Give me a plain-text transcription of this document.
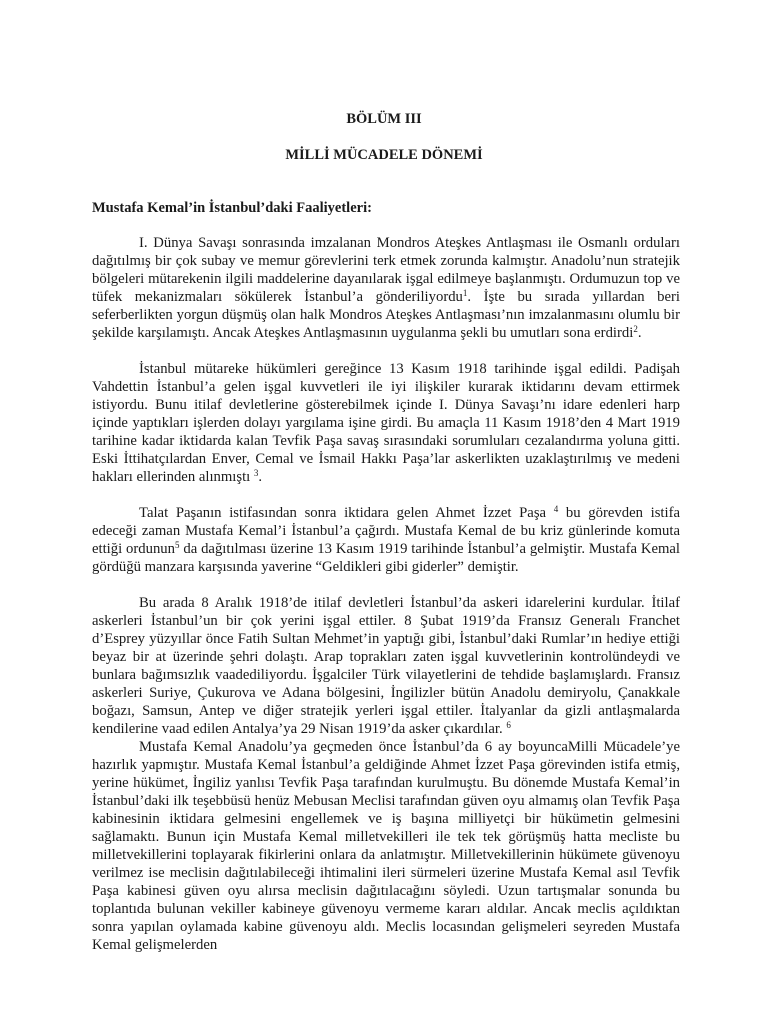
BÖLÜM III
MİLLİ MÜCADELE DÖNEMİ
Mustafa Kemal’in İstanbul’daki Faaliyetleri:

I. Dünya Savaşı sonrasında imzalanan Mondros Ateşkes Antlaşması ile Osmanlı orduları dağıtılmış bir çok subay ve memur görevlerini terk etmek zorunda kalmıştır. Anadolu’nun stratejik bölgeleri mütarekenin ilgili maddelerine dayanılarak işgal edilmeye başlanmıştı. Ordumuzun top ve tüfek mekanizmaları sökülerek İstanbul’a gönderiliyordu$^1$. İşte bu sırada yıllardan beri seferberlikten yorgun düşmüş olan halk Mondros Ateşkes Antlaşması’nın imzalanmasını olumlu bir şekilde karşılamıştı. Ancak Ateşkes Antlaşmasının uygulanma şekli bu umutları sona erdirdi$^2$.

İstanbul mütareke hükümleri gereğince 13 Kasım 1918 tarihinde işgal edildi. Padişah Vahdettin İstanbul’a gelen işgal kuvvetleri ile iyi ilişkiler kurarak iktidarını devam ettirmek istiyordu. Bunu itilaf devletlerine gösterebilmek içinde I. Dünya Savaşı’nı idare edenleri harp içinde yaptıkları işlerden dolayı yargılama işine girdi. Bu amaçla 11 Kasım 1918’den 4 Mart 1919 tarihine kadar iktidarda kalan Tevfik Paşa savaş sırasındaki sorumluları cezalandırma yoluna gitti. Eski İttihatçılardan Enver, Cemal ve İsmail Hakkı Paşa’lar askerlikten uzaklaştırılmış ve medeni hakları ellerinden alınmıştı $^3$.

Talat Paşanın istifasından sonra iktidara gelen Ahmet İzzet Paşa $^4$ bu görevden istifa edeceği zaman Mustafa Kemal’i İstanbul’a çağırdı. Mustafa Kemal de bu kriz günlerinde komuta ettiği ordunun$^5$ da dağıtılması üzerine 13 Kasım 1919 tarihinde İstanbul’a gelmiştir. Mustafa Kemal gördüğü manzara karşısında yaverine “Geldikleri gibi giderler” demiştir.

Bu arada 8 Aralık 1918’de itilaf devletleri İstanbul’da askeri idarelerini kurdular. İtilaf askerleri İstanbul’un bir çok yerini işgal ettiler. 8 Şubat 1919’da Fransız Generalı Franchet d’Esprey yüzyıllar önce Fatih Sultan Mehmet’in yaptığı gibi, İstanbul’daki Rumlar’ın hediye ettiği beyaz bir at üzerinde şehri dolaştı. Arap toprakları zaten işgal kuvvetlerinin kontrolündeydi ve bunlara bağımsızlık vaadediliyordu. İşgalciler Türk vilayetlerini de tehdide başlamışlardı. Fransız askerleri Suriye, Çukurova ve Adana bölgesini, İngilizler bütün Anadolu demiryolu, Çanakkale boğazı, Samsun, Antep ve diğer stratejik yerleri işgal ettiler. İtalyanlar da gizli antlaşmalarda kendilerine vaad edilen Antalya’ya 29 Nisan 1919’da asker çıkardılar. $^6$

Mustafa Kemal Anadolu’ya geçmeden önce İstanbul’da 6 ay boyuncaMilli Mücadele’ye hazırlık yapmıştır. Mustafa Kemal İstanbul’a geldiğinde Ahmet İzzet Paşa görevinden istifa etmiş, yerine hükümet, İngiliz yanlısı Tevfik Paşa tarafından kurulmuştu. Bu dönemde Mustafa Kemal’in İstanbul’daki ilk teşebbüsü henüz Mebusan Meclisi tarafından güven oyu almamış olan Tevfik Paşa kabinesinin iktidara gelmesini engellemek ve iş başına milliyetçi bir hükümetin gelmesini sağlamaktı. Bunun için Mustafa Kemal milletvekilleri ile tek tek görüşmüş hatta mecliste bu milletvekillerini toplayarak fikirlerini onlara da anlatmıştır. Milletvekillerinin hükümete güvenoyu verilmez ise meclisin dağıtılabileceği ihtimalini ileri sürmeleri üzerine Mustafa Kemal asıl Tevfik Paşa kabinesi güven oyu alırsa meclisin dağıtılacağını söyledi. Uzun tartışmalar sonunda bu toplantıda bulunan vekiller kabineye güvenoyu vermeme kararı aldılar. Ancak meclis açıldıktan sonra yapılan oylamada kabine güvenoyu aldı. Meclis locasından gelişmeleri seyreden Mustafa Kemal gelişmelerden
